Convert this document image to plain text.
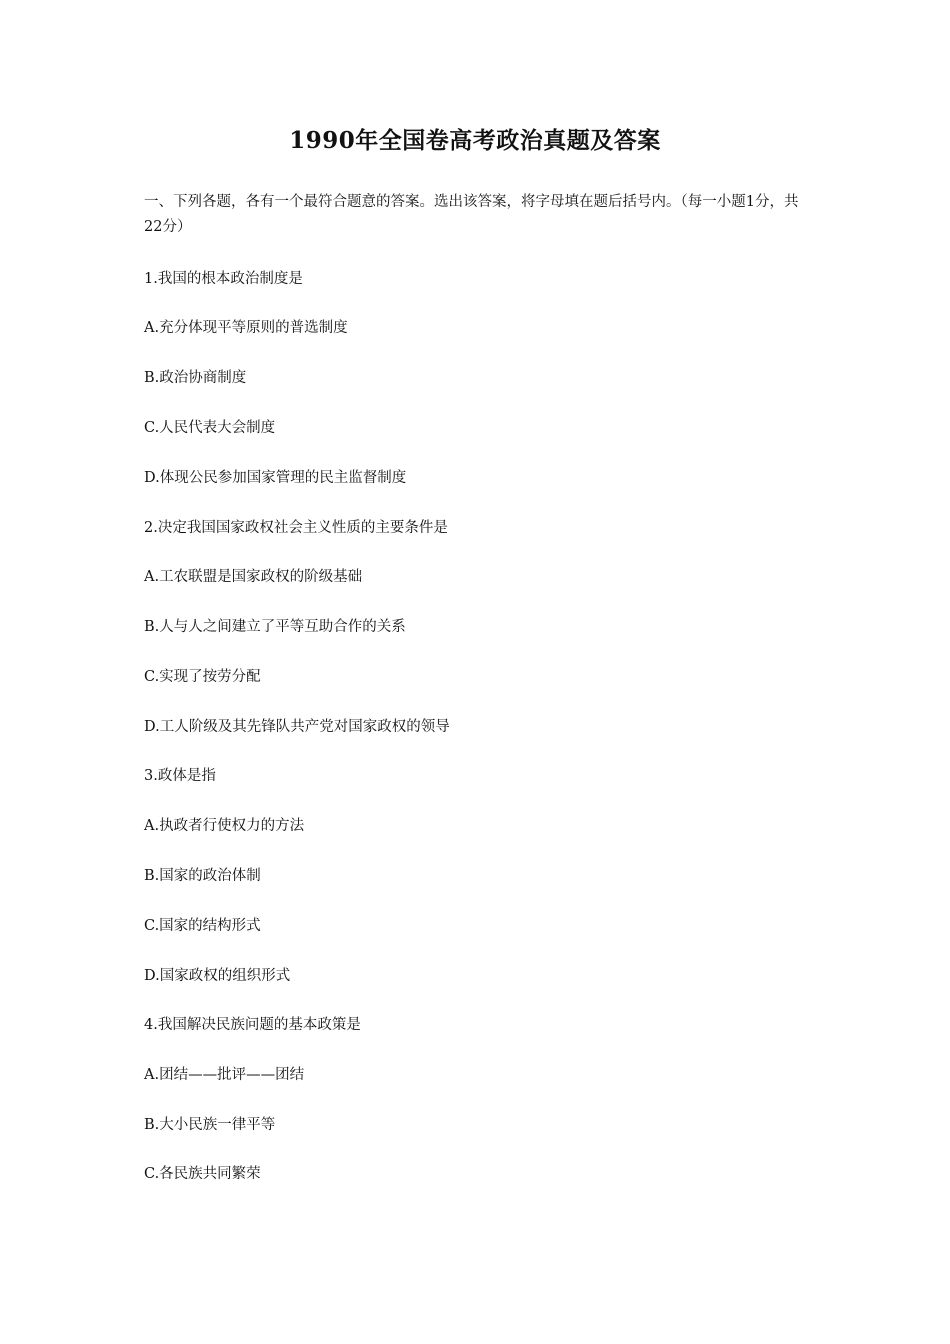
1990年全国卷高考政治真题及答案
一、下列各题，各有一个最符合题意的答案。选出该答案，将字母填在题后括号内。（每一小题1分，共22分）
1.我国的根本政治制度是
A.充分体现平等原则的普选制度
B.政治协商制度
C.人民代表大会制度
D.体现公民参加国家管理的民主监督制度
2.决定我国国家政权社会主义性质的主要条件是
A.工农联盟是国家政权的阶级基础
B.人与人之间建立了平等互助合作的关系
C.实现了按劳分配
D.工人阶级及其先锋队共产党对国家政权的领导
3.政体是指
A.执政者行使权力的方法
B.国家的政治体制
C.国家的结构形式
D.国家政权的组织形式
4.我国解决民族问题的基本政策是
A.团结——批评——团结
B.大小民族一律平等
C.各民族共同繁荣
